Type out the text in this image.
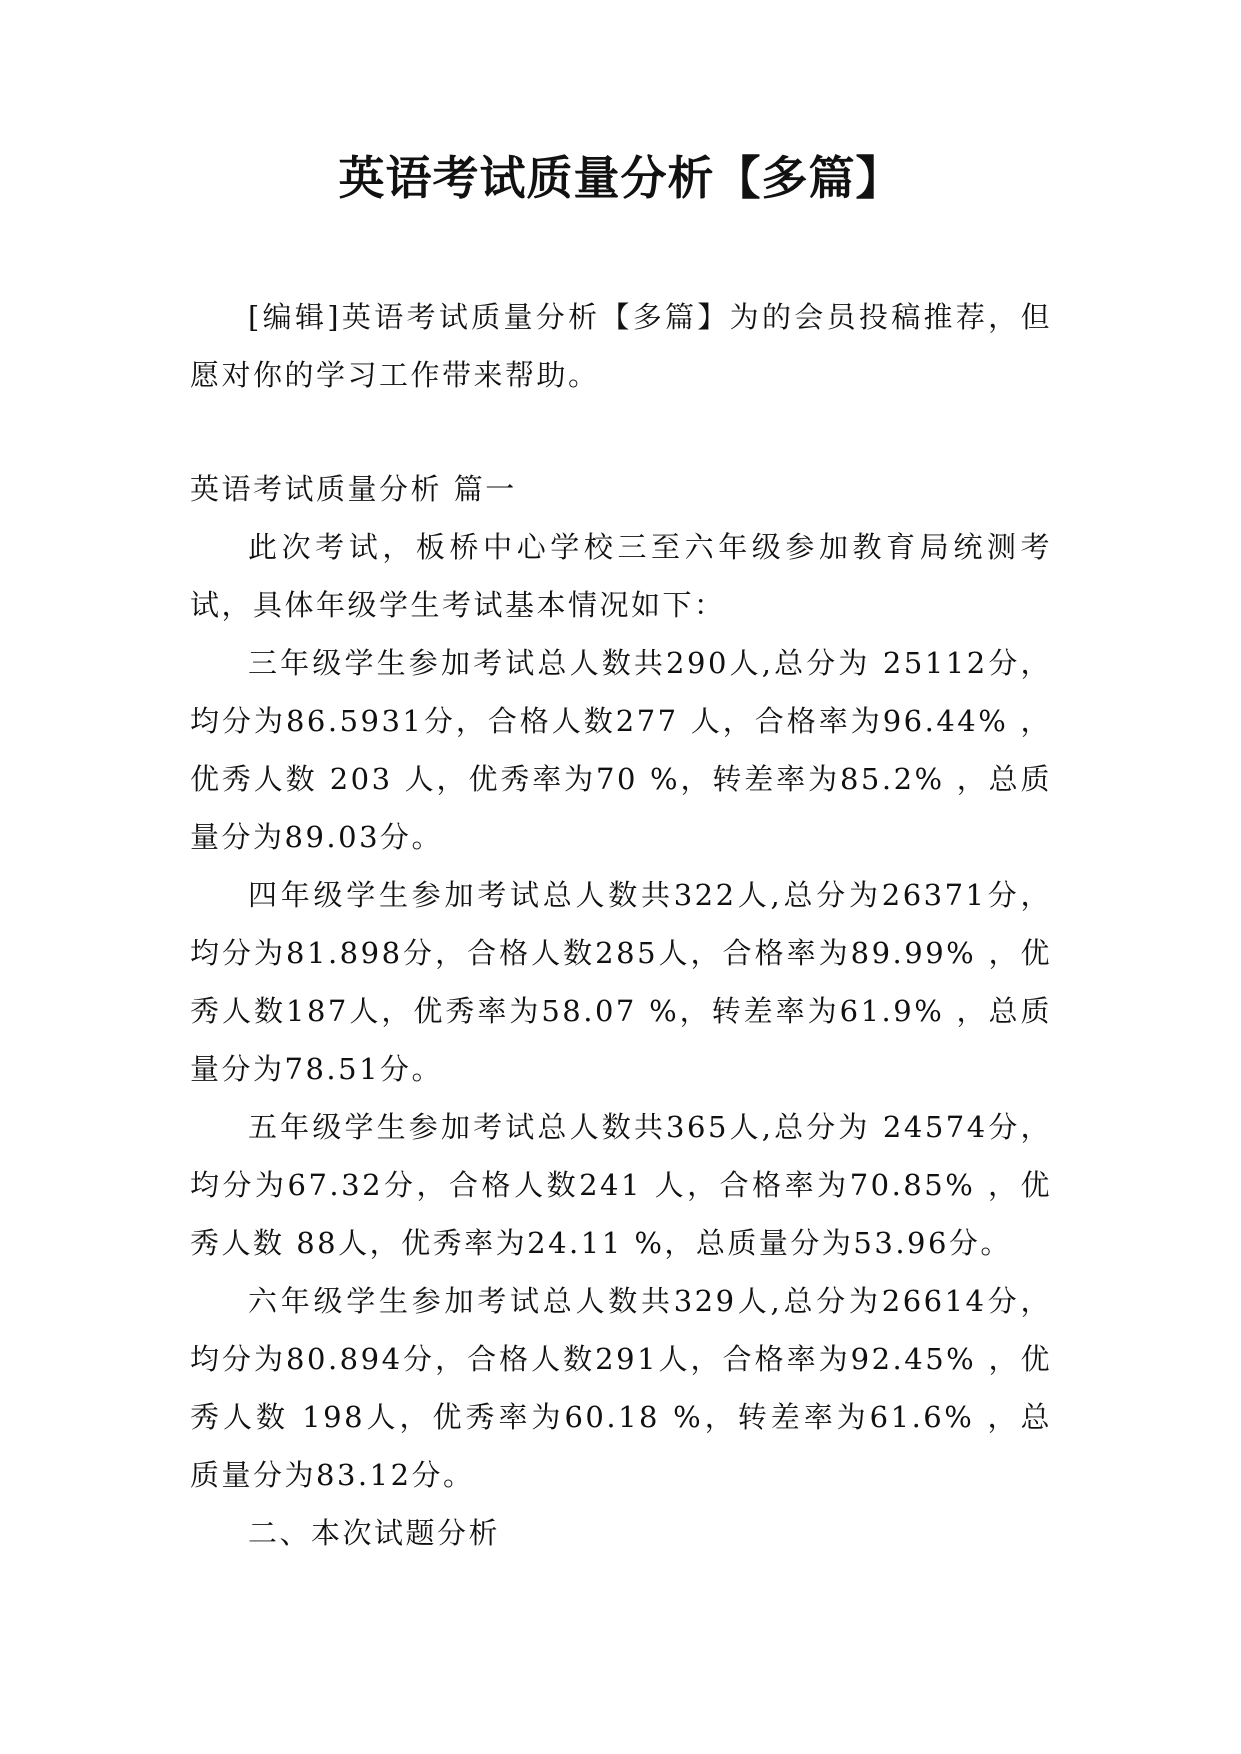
英语考试质量分析【多篇】

[编辑]英语考试质量分析【多篇】为的会员投稿推荐，但愿对你的学习工作带来帮助。

英语考试质量分析 篇一

此次考试，板桥中心学校三至六年级参加教育局统测考试，具体年级学生考试基本情况如下：

三年级学生参加考试总人数共290人,总分为 25112分，均分为86.5931分，合格人数277 人，合格率为96.44% ，优秀人数 203 人，优秀率为70 %，转差率为85.2% ，总质量分为89.03分。

四年级学生参加考试总人数共322人,总分为26371分，均分为81.898分，合格人数285人，合格率为89.99% ，优秀人数187人，优秀率为58.07 %，转差率为61.9% ，总质量分为78.51分。

五年级学生参加考试总人数共365人,总分为 24574分，均分为67.32分，合格人数241 人，合格率为70.85% ，优秀人数 88人，优秀率为24.11 %，总质量分为53.96分。

六年级学生参加考试总人数共329人,总分为26614分，均分为80.894分，合格人数291人，合格率为92.45% ，优秀人数 198人，优秀率为60.18 %，转差率为61.6% ，总质量分为83.12分。

二、本次试题分析
